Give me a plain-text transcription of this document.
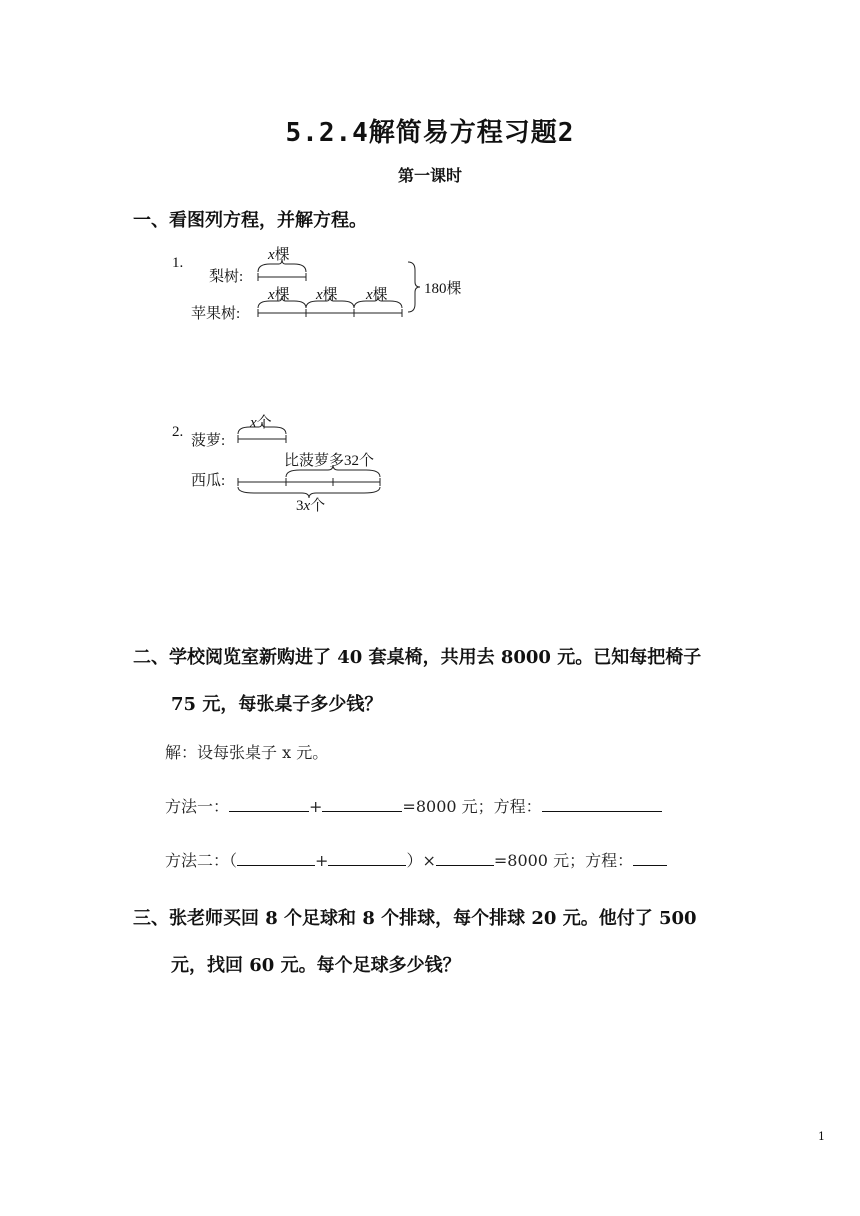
5.2.4解简易方程习题2
第一课时
一、看图列方程，并解方程。
1.
梨树:
苹果树:
x棵
x棵 x棵 x棵 180棵
2.
菠萝:
西瓜:
x个
比菠萝多32个
3x个
二、学校阅览室新购进了 40 套桌椅，共用去 8000 元。已知每把椅子
75 元，每张桌子多少钱？
解：设每张桌子 x 元。
方法一：	+	=8000 元；方程：
方法二：（	+	）×	=8000 元；方程：
三、张老师买回 8 个足球和 8 个排球，每个排球 20 元。他付了 500
元，找回 60 元。每个足球多少钱？
1
